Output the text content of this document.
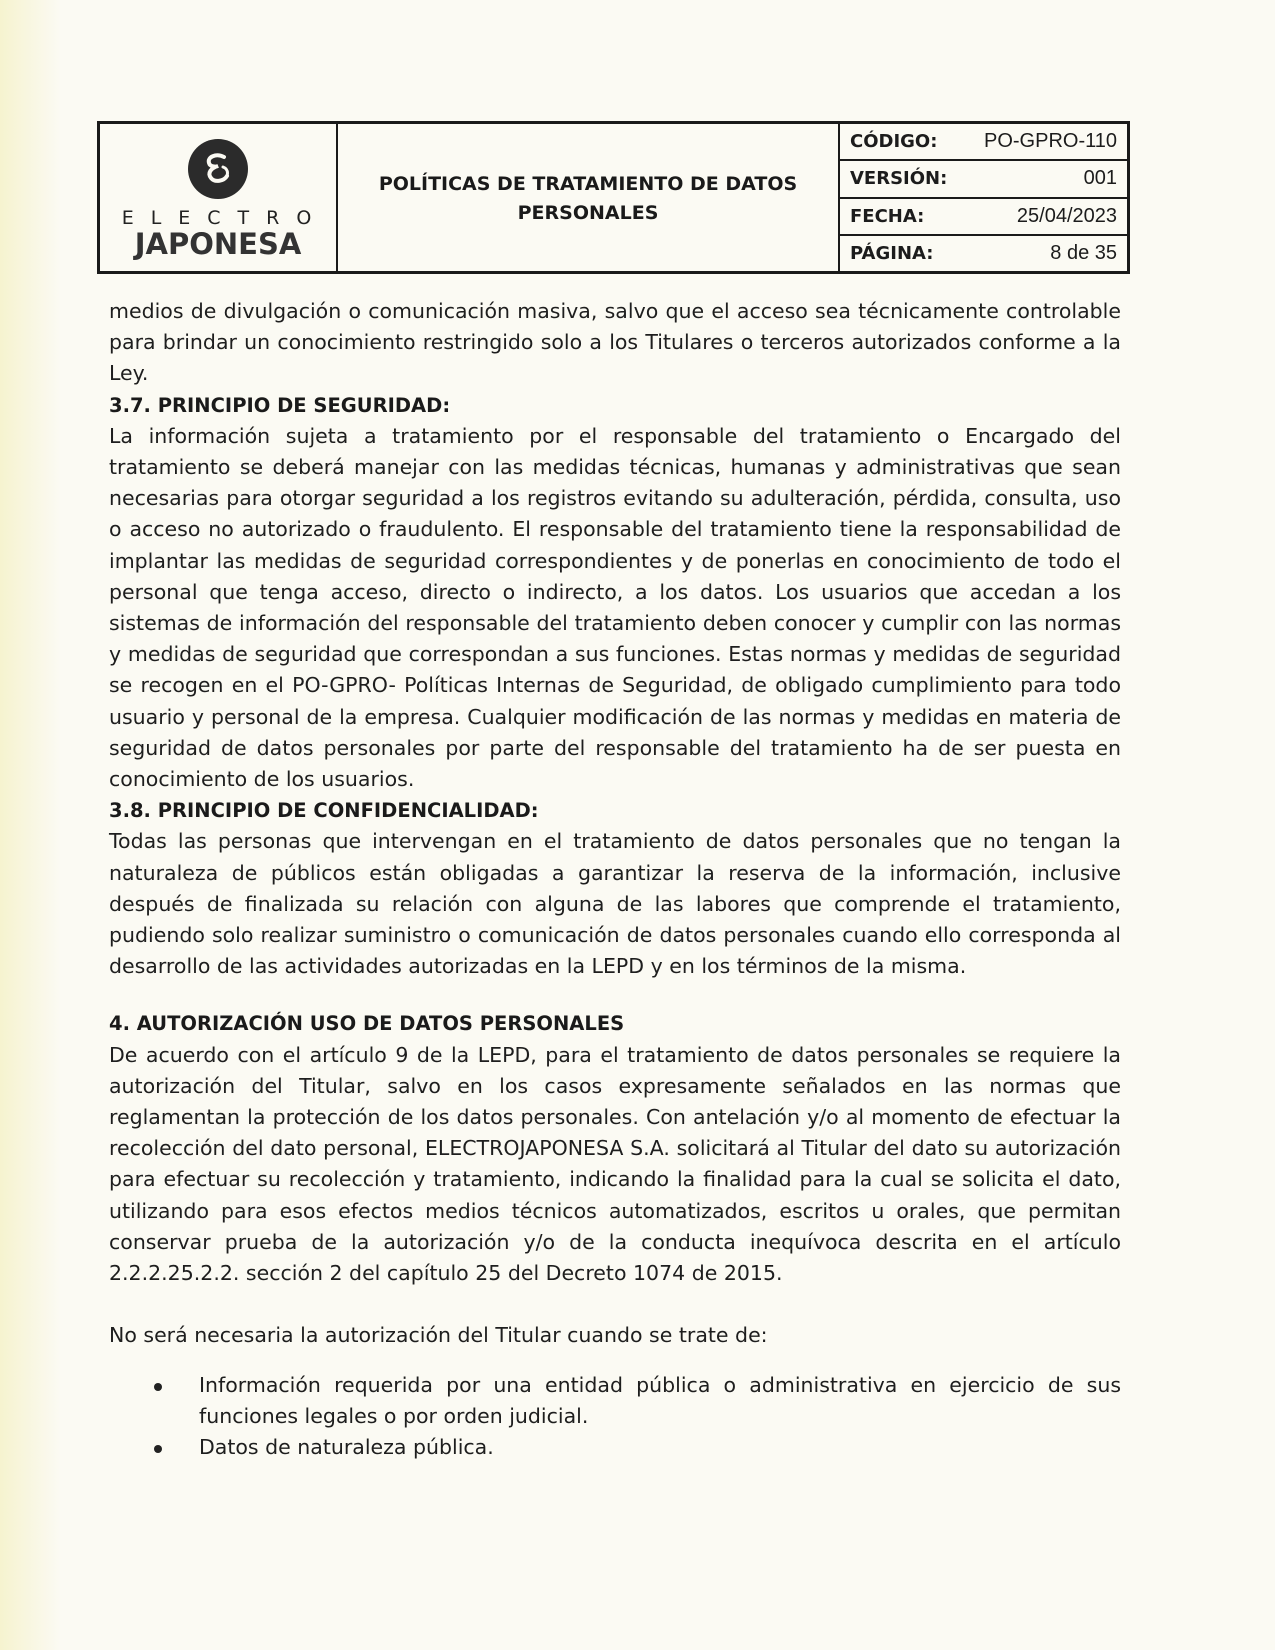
ELECTRO
JAPONESA
POLÍTICAS DE TRATAMIENTO DE DATOS PERSONALES
CÓDIGO: PO-GPRO-110
VERSIÓN:	001
FECHA:	25/04/2023
PÁGINA:	8 de 35

medios de divulgación o comunicación masiva, salvo que el acceso sea técnicamente controlable para brindar un conocimiento restringido solo a los Titulares o terceros autorizados conforme a la Ley.

3.7. PRINCIPIO DE SEGURIDAD:

La información sujeta a tratamiento por el responsable del tratamiento o Encargado del tratamiento se deberá manejar con las medidas técnicas, humanas y administrativas que sean necesarias para otorgar seguridad a los registros evitando su adulteración, pérdida, consulta, uso o acceso no autorizado o fraudulento. El responsable del tratamiento tiene la responsabilidad de implantar las medidas de seguridad correspondientes y de ponerlas en conocimiento de todo el personal que tenga acceso, directo o indirecto, a los datos. Los usuarios que accedan a los sistemas de información del responsable del tratamiento deben conocer y cumplir con las normas y medidas de seguridad que correspondan a sus funciones. Estas normas y medidas de seguridad se recogen en el PO-GPRO- Políticas Internas de Seguridad, de obligado cumplimiento para todo usuario y personal de la empresa. Cualquier modificación de las normas y medidas en materia de seguridad de datos personales por parte del responsable del tratamiento ha de ser puesta en conocimiento de los usuarios.

3.8. PRINCIPIO DE CONFIDENCIALIDAD:

Todas las personas que intervengan en el tratamiento de datos personales que no tengan la naturaleza de públicos están obligadas a garantizar la reserva de la información, inclusive después de finalizada su relación con alguna de las labores que comprende el tratamiento, pudiendo solo realizar suministro o comunicación de datos personales cuando ello corresponda al desarrollo de las actividades autorizadas en la LEPD y en los términos de la misma.

4. AUTORIZACIÓN USO DE DATOS PERSONALES

De acuerdo con el artículo 9 de la LEPD, para el tratamiento de datos personales se requiere la autorización del Titular, salvo en los casos expresamente señalados en las normas que reglamentan la protección de los datos personales. Con antelación y/o al momento de efectuar la recolección del dato personal, ELECTROJAPONESA S.A. solicitará al Titular del dato su autorización para efectuar su recolección y tratamiento, indicando la finalidad para la cual se solicita el dato, utilizando para esos efectos medios técnicos automatizados, escritos u orales, que permitan conservar prueba de la autorización y/o de la conducta inequívoca descrita en el artículo 2.2.2.25.2.2. sección 2 del capítulo 25 del Decreto 1074 de 2015.

No será necesaria la autorización del Titular cuando se trate de:

Información requerida por una entidad pública o administrativa en ejercicio de sus funciones legales o por orden judicial.
Datos de naturaleza pública.
